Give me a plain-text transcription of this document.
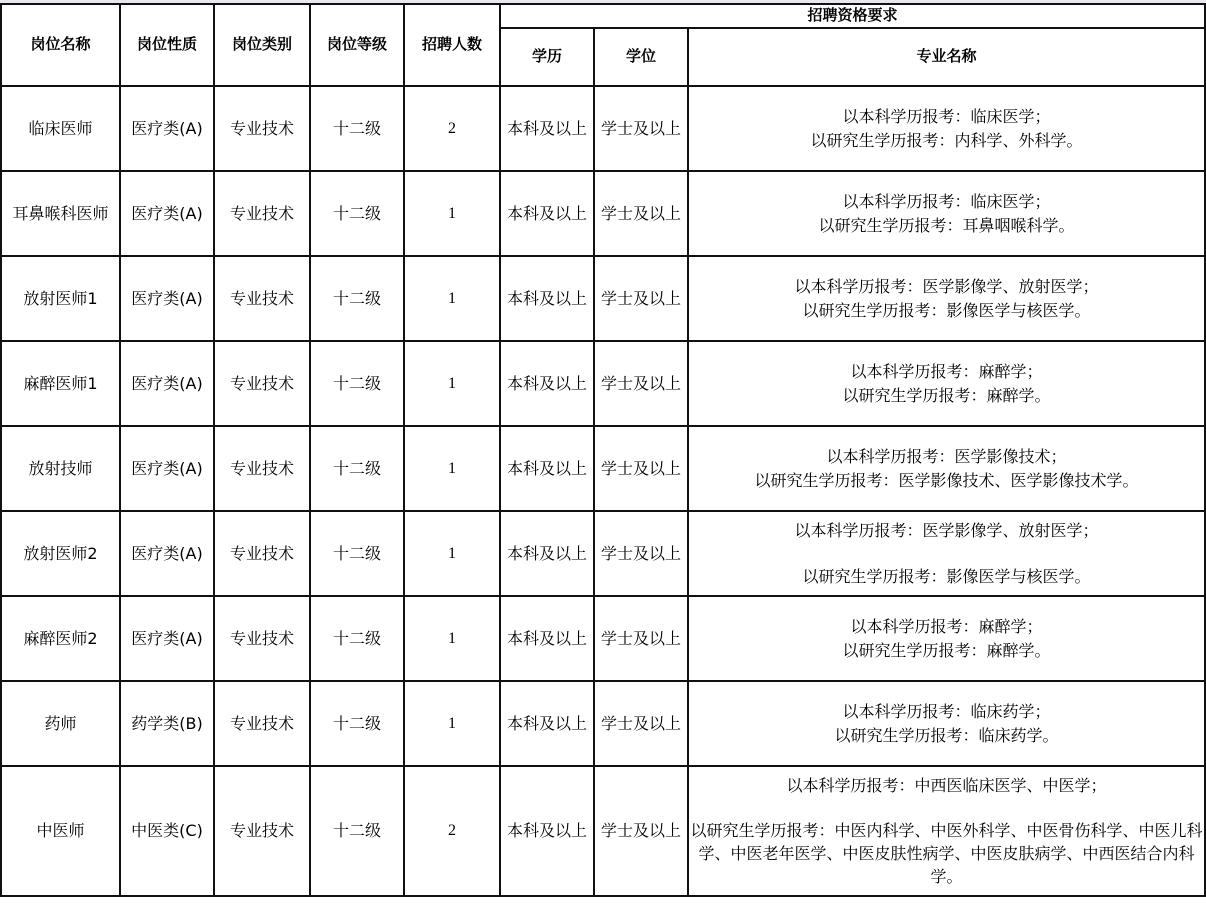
岗位名称	岗位性质	岗位类别	岗位等级	招聘人数	招聘资格要求		
					学历	学位	专业名称
临床医师	医疗类(A)	专业技术	十二级	2	本科及以上	学士及以上	以本科学历报考：临床医学；
以研究生学历报考：内科学、外科学。

耳鼻喉科医师	医疗类(A)	专业技术	十二级	1	本科及以上	学士及以上	以本科学历报考：临床医学；
以研究生学历报考：耳鼻咽喉科学。

放射医师1	医疗类(A)	专业技术	十二级	1	本科及以上	学士及以上	以本科学历报考：医学影像学、放射医学；
以研究生学历报考：影像医学与核医学。

麻醉医师1	医疗类(A)	专业技术	十二级	1	本科及以上	学士及以上	以本科学历报考：麻醉学；
以研究生学历报考：麻醉学。

放射技师	医疗类(A)	专业技术	十二级	1	本科及以上	学士及以上	以本科学历报考：医学影像技术；
以研究生学历报考：医学影像技术、医学影像技术学。

放射医师2	医疗类(A)	专业技术	十二级	1	本科及以上	学士及以上	以本科学历报考：医学影像学、放射医学；
以研究生学历报考：影像医学与核医学。

麻醉医师2	医疗类(A)	专业技术	十二级	1	本科及以上	学士及以上	以本科学历报考：麻醉学；
以研究生学历报考：麻醉学。

药师	药学类(B)	专业技术	十二级	1	本科及以上	学士及以上	以本科学历报考：临床药学；
以研究生学历报考：临床药学。

中医师	中医类(C)	专业技术	十二级	2	本科及以上	学士及以上	以本科学历报考：中西医临床医学、中医学；
以研究生学历报考：中医内科学、中医外科学、中医骨伤科学、中医儿科学、中医老年医学、中医皮肤性病学、中医皮肤病学、中西医结合内科学。
